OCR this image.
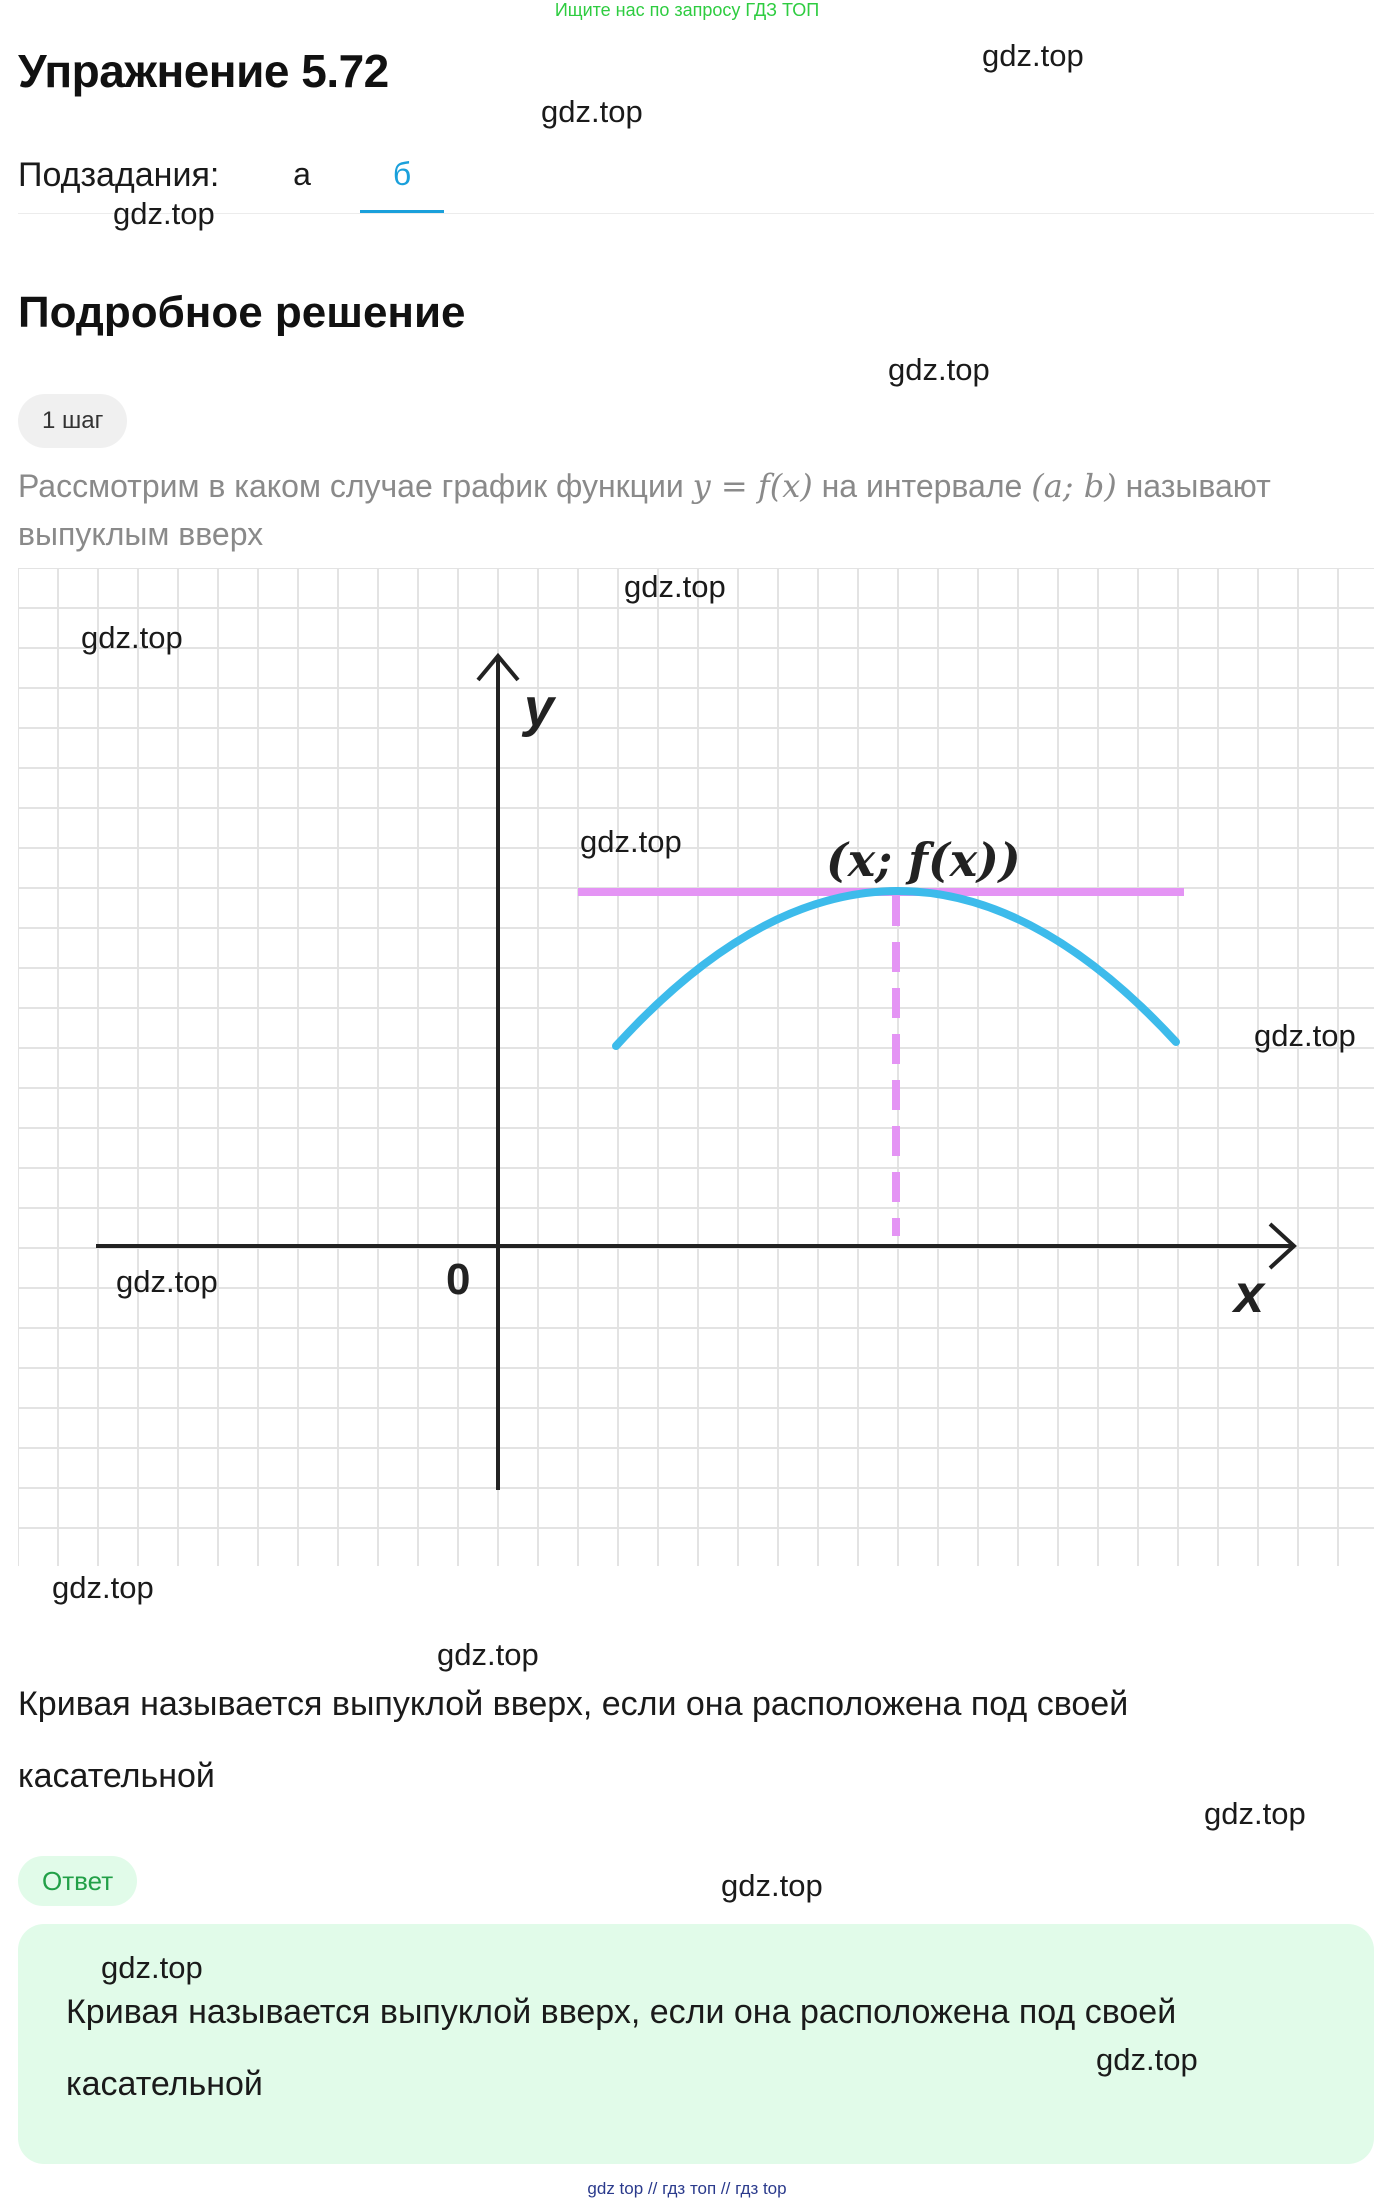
Ищите нас по запросу ГДЗ ТОП
Упражнение 5.72
Подзадания:	а	б
Подробное решение
1 шаг
Рассмотрим в каком случае график функции y = f(x) на интервале (a; b) называют выпуклым вверх
y
x
0
(x; f(x))
gdz.top
gdz.top
gdz.top
gdz.top
gdz.top
gdz.top
gdz.top
gdz.top
gdz.top
gdz.top
gdz.top
Кривая называется выпуклой вверх, если она расположена под своей касательной
gdz.top
Ответ	gdz.top
gdz.top
Кривая называется выпуклой вверх, если она расположена под своей касательной
gdz.top
gdz top // гдз топ // гдз top
